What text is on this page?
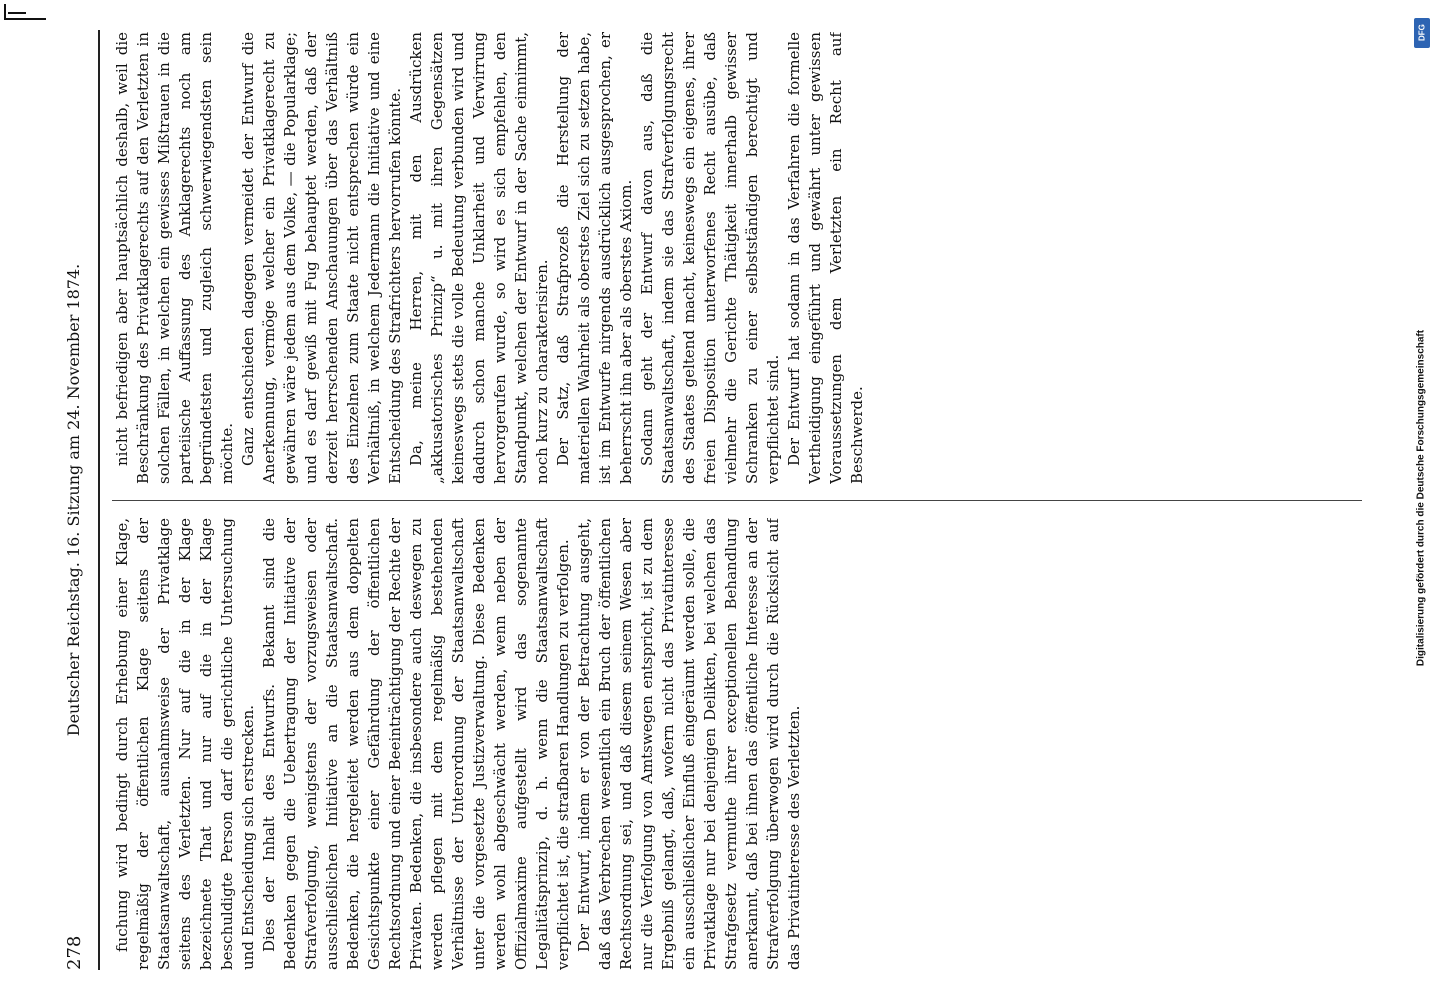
278
Deutscher Reichstag. 16. Sitzung am 24. November 1874. fuchung wird bedingt durch Erhebung einer Klage, regelmäßig der öffentlichen Klage seitens der Staatsanwaltschaft, ausnahmsweise der Privatklage seitens des Verletzten. Nur auf die in der Klage bezeichnete That und nur auf die in der Klage beschuldigte Person darf die gerichtliche Untersuchung und Entscheidung sich erstrecken. Dies der Inhalt des Entwurfs. Bekannt sind die Bedenken gegen die Uebertragung der Initiative der Strafverfolgung, wenigstens der vorzugsweisen oder ausschließlichen Initiative an die Staatsanwaltschaft. Bedenken, die hergeleitet werden aus dem doppelten Gesichtspunkte einer Gefährdung der öffentlichen Rechtsordnung und einer Beeinträchtigung der Rechte der Privaten. Bedenken, die insbesondere auch deswegen zu werden pflegen mit dem regelmäßig bestehenden Verhältnisse der Unterordnung der Staatsanwaltschaft unter die vorgesetzte Justizverwaltung. Diese Bedenken werden wohl abgeschwächt werden, wenn neben der Offizialmaxime aufgestellt wird das sogenannte Legalitätsprinzip, d. h. wenn die Staatsanwaltschaft verpflichtet ist, die strafbaren Handlungen zu verfolgen. Der Entwurf, indem er von der Betrachtung ausgeht, daß das Verbrechen wesentlich ein Bruch der öffentlichen Rechtsordnung sei, und daß diesem seinem Wesen aber nur die Verfolgung von Amtswegen entspricht, ist zu dem Ergebniß gelangt, daß, wofern nicht das Privatinteresse ein ausschließlicher Einfluß eingeräumt werden solle, die Privatklage nur bei denjenigen Delikten, bei welchen das Strafgesetz vermuthe ihrer exceptionellen Behandlung anerkannt, daß bei ihnen das öffentliche Interesse an der Strafverfolgung überwogen wird durch die Rücksicht auf das Privatinteresse des Verletzten.

nicht befriedigen aber hauptsächlich deshalb, weil die Beschränkung des Privatklagerechts auf den Verletzten in solchen Fällen, in welchen ein gewisses Mißtrauen in die parteiische Auffassung des Anklagerechts noch am begründetsten und zugleich schwerwiegendsten sein möchte. Ganz entschieden dagegen vermeidet der Entwurf die Anerkennung, vermöge welcher ein Privatklagerecht zu gewähren wäre jedem aus dem Volke, — die Popularklage; und es darf gewiß mit Fug behauptet werden, daß der derzeit herrschenden Anschauungen über das Verhältniß des Einzelnen zum Staate nicht entsprechen würde ein Verhältniß, in welchem Jedermann die Initiative und eine Entscheidung des Strafrichters hervorrufen könnte. Da, meine Herren, mit den Ausdrücken „akkusatorisches Prinzip“ u. mit ihren Gegensätzen keineswegs stets die volle Bedeutung verbunden wird und dadurch schon manche Unklarheit und Verwirrung hervorgerufen wurde, so wird es sich empfehlen, den Standpunkt, welchen der Entwurf in der Sache einnimmt, noch kurz zu charakterisiren. Der Satz, daß Strafprozeß die Herstellung der materiellen Wahrheit als oberstes Ziel sich zu setzen habe, ist im Entwurfe nirgends ausdrücklich ausgesprochen, er beherrscht ihn aber als oberstes Axiom. Sodann geht der Entwurf davon aus, daß die Staatsanwaltschaft, indem sie das Strafverfolgungsrecht des Staates geltend macht, keineswegs ein eigenes, ihrer freien Disposition unterworfenes Recht ausübe, daß vielmehr die Gerichte Thätigkeit innerhalb gewisser Schranken zu einer selbstständigen berechtigt und verpflichtet sind. Der Entwurf hat sodann in das Verfahren die formelle Vertheidigung eingeführt und gewährt unter gewissen Voraussetzungen dem Verletzten ein Recht auf Beschwerde.

DFG
Digitalisierung gefördert durch die Deutsche Forschungsgemeinschaft
